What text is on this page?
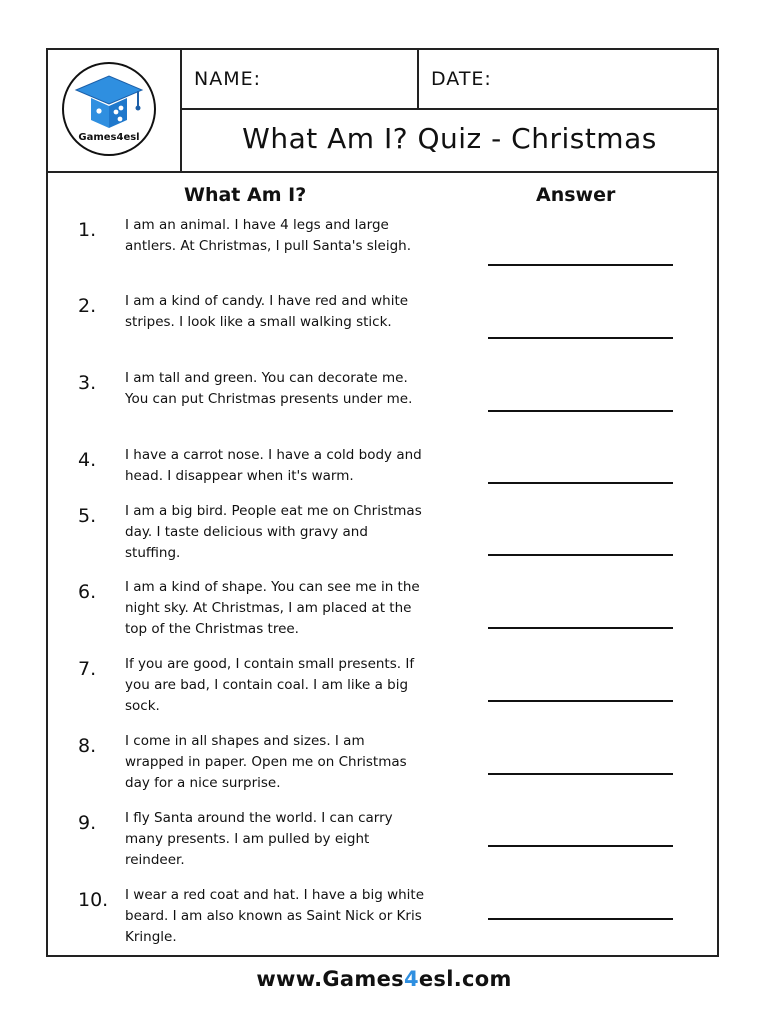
Games4esl
NAME:	DATE:
What Am I? Quiz - Christmas
What Am I?	Answer
1. I am an animal. I have 4 legs and large antlers. At Christmas, I pull Santa's sleigh.
2. I am a kind of candy. I have red and white stripes. I look like a small walking stick.
3. I am tall and green. You can decorate me. You can put Christmas presents under me.
4. I have a carrot nose. I have a cold body and head. I disappear when it's warm.
5. I am a big bird. People eat me on Christmas day. I taste delicious with gravy and stuffing.
6. I am a kind of shape. You can see me in the night sky. At Christmas, I am placed at the top of the Christmas tree.
7. If you are good, I contain small presents. If you are bad, I contain coal. I am like a big sock.
8. I come in all shapes and sizes. I am wrapped in paper. Open me on Christmas day for a nice surprise.
9. I fly Santa around the world. I can carry many presents. I am pulled by eight reindeer.
10. I wear a red coat and hat. I have a big white beard. I am also known as Saint Nick or Kris Kringle.
www.Games4esl.com
